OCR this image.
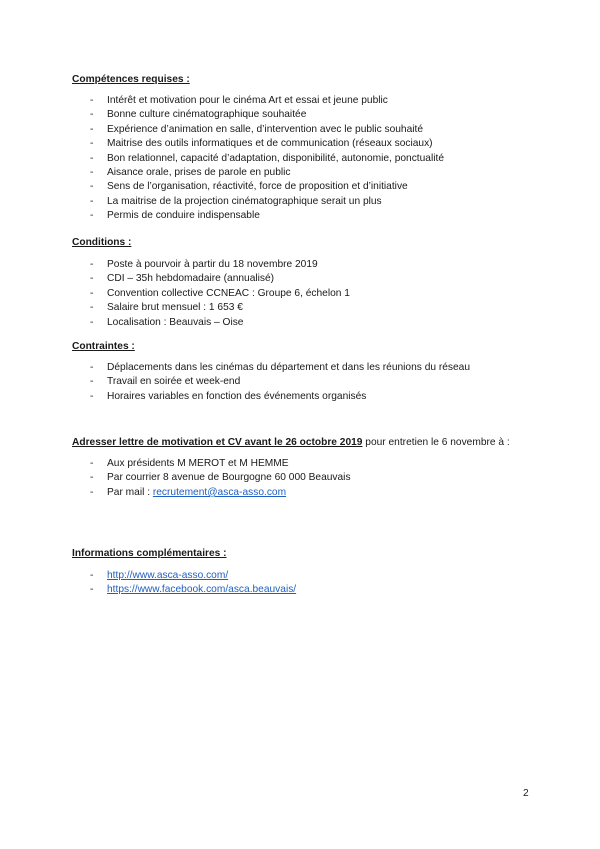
Compétences requises :
- Intérêt et motivation pour le cinéma Art et essai et jeune public
- Bonne culture cinématographique souhaitée
- Expérience d’animation en salle, d’intervention avec le public souhaité
- Maitrise des outils informatiques et de communication (réseaux sociaux)
- Bon relationnel, capacité d’adaptation, disponibilité, autonomie, ponctualité
- Aisance orale, prises de parole en public
- Sens de l’organisation, réactivité, force de proposition et d’initiative
- La maitrise de la projection cinématographique serait un plus
- Permis de conduire indispensable
Conditions :
- Poste à pourvoir à partir du 18 novembre 2019
- CDI – 35h hebdomadaire (annualisé)
- Convention collective CCNEAC : Groupe 6, échelon 1
- Salaire brut mensuel : 1 653 €
- Localisation : Beauvais – Oise
Contraintes :
- Déplacements dans les cinémas du département et dans les réunions du réseau
- Travail en soirée et week-end
- Horaires variables en fonction des événements organisés
Adresser lettre de motivation et CV avant le 26 octobre 2019 pour entretien le 6 novembre à :
- Aux présidents M MEROT et M HEMME
- Par courrier 8 avenue de Bourgogne 60 000 Beauvais
- Par mail : recrutement@asca-asso.com
Informations complémentaires :
- http://www.asca-asso.com/
- https://www.facebook.com/asca.beauvais/
2
